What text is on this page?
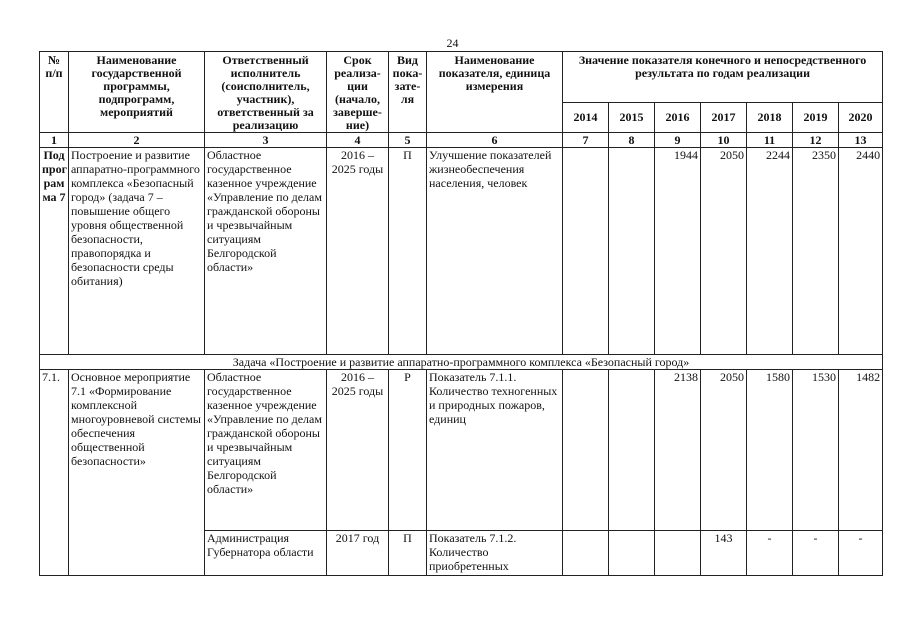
24
№ п/п	Наименование государственной программы, подпрограмм, мероприятий	Ответственный исполнитель (соисполнитель, участник), ответственный за реализацию	Срок реализа-ции (начало, заверше-ние)	Вид пока-зате-ля	Наименование показателя, единица измерения	Значение показателя конечного и непосредственного результата по годам реализации						
						2014	2015	2016	2017	2018	2019	2020
1	2	3	4	5	6	7	8	9	10	11	12	13
Под прог рам ма 7	Построение и развитие аппаратно-программного комплекса «Безопасный город» (задача 7 – повышение общего уровня общественной безопасности, правопорядка и безопасности среды обитания)	Областное государственное казенное учреждение «Управление по делам гражданской обороны и чрезвычайным ситуациям Белгородской области»	2016 – 2025 годы	П	Улучшение показателей жизнеобеспечения населения, человек			1944	2050	2244	2350	2440
Задача «Построение и развитие аппаратно-программного комплекса «Безопасный город»												
7.1.	Основное мероприятие 7.1 «Формирование комплексной многоуровневой системы обеспечения общественной безопасности»	Областное государственное казенное учреждение «Управление по делам гражданской обороны и чрезвычайным ситуациям Белгородской области»	2016 – 2025 годы	Р	Показатель 7.1.1. Количество техногенных и природных пожаров, единиц			2138	2050	1580	1530	1482
		Администрация Губернатора области	2017 год	П	Показатель 7.1.2. Количество приобретенных				143	-	-	-
